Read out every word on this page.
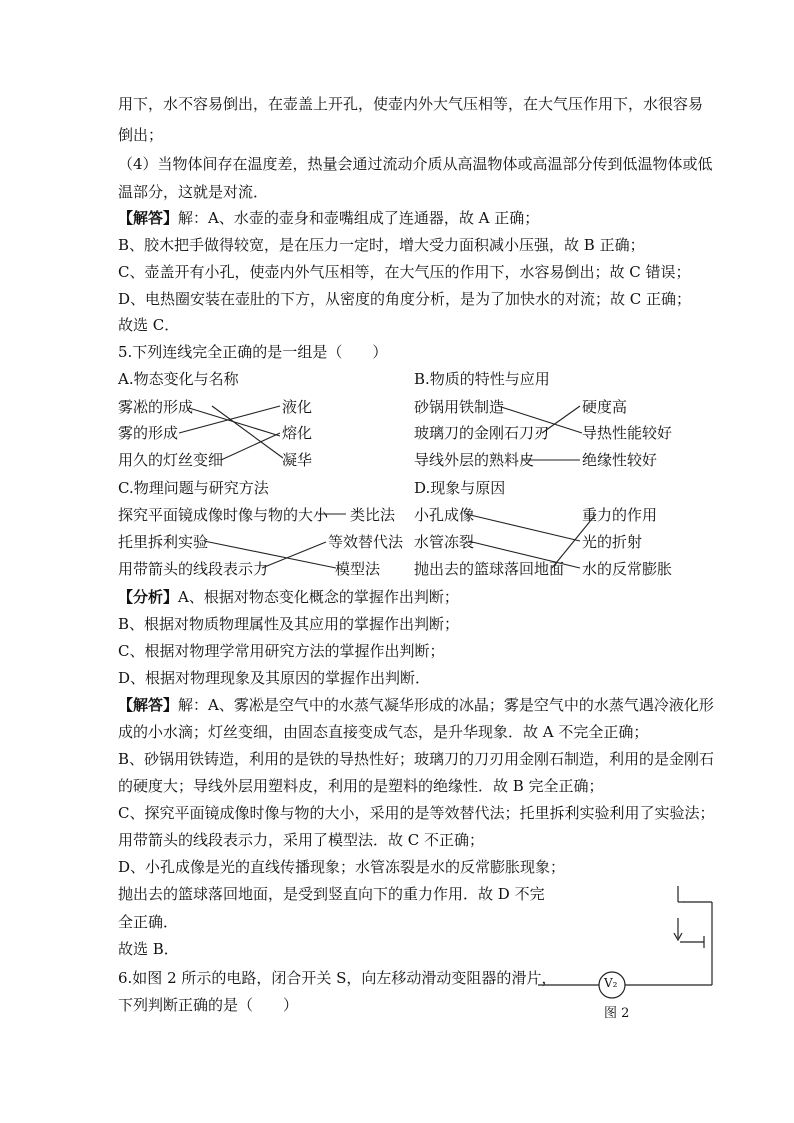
用下，水不容易倒出，在壶盖上开孔，使壶内外大气压相等，在大气压作用下，水很容易
倒出；
（4）当物体间存在温度差，热量会通过流动介质从高温物体或高温部分传到低温物体或低
温部分，这就是对流．
【解答】解：A、水壶的壶身和壶嘴组成了连通器，故 A 正确；
B、胶木把手做得较宽，是在压力一定时，增大受力面积减小压强，故 B 正确；
C、壶盖开有小孔，使壶内外气压相等，在大气压的作用下，水容易倒出；故 C 错误；
D、电热圈安装在壶肚的下方，从密度的角度分析，是为了加快水的对流；故 C 正确；
故选 C．
5.下列连线完全正确的是一组是（　　）
A.物态变化与名称	B.物质的特性与应用
雾凇的形成
雾的形成
用久的灯丝变细
液化
熔化
凝华
砂锅用铁制造
玻璃刀的金刚石刀刃
导线外层的熟料皮
硬度高
导热性能较好
绝缘性较好
C.物理问题与研究方法	D.现象与原因
探究平面镜成像时像与物的大小
托里拆利实验
用带箭头的线段表示力
类比法
等效替代法
模型法
小孔成像
水管冻裂
抛出去的篮球落回地面
重力的作用
光的折射
水的反常膨胀
【分析】A、根据对物态变化概念的掌握作出判断；
B、根据对物质物理属性及其应用的掌握作出判断；
C、根据对物理学常用研究方法的掌握作出判断；
D、根据对物理现象及其原因的掌握作出判断．
【解答】解：A、雾凇是空气中的水蒸气凝华形成的冰晶；雾是空气中的水蒸气遇冷液化形
成的小水滴；灯丝变细，由固态直接变成气态，是升华现象．故 A 不完全正确；
B、砂锅用铁铸造，利用的是铁的导热性好；玻璃刀的刀刃用金刚石制造，利用的是金刚石
的硬度大；导线外层用塑料皮，利用的是塑料的绝缘性．故 B 完全正确；
C、探究平面镜成像时像与物的大小，采用的是等效替代法；托里拆利实验利用了实验法；
用带箭头的线段表示力，采用了模型法．故 C 不正确；
D、小孔成像是光的直线传播现象；水管冻裂是水的反常膨胀现象；
抛出去的篮球落回地面，是受到竖直向下的重力作用．故 D 不完
全正确．
故选 B．
6.如图 2 所示的电路，闭合开关 S，向左移动滑动变阻器的滑片，
下列判断正确的是（　　）
V₂
图 2
